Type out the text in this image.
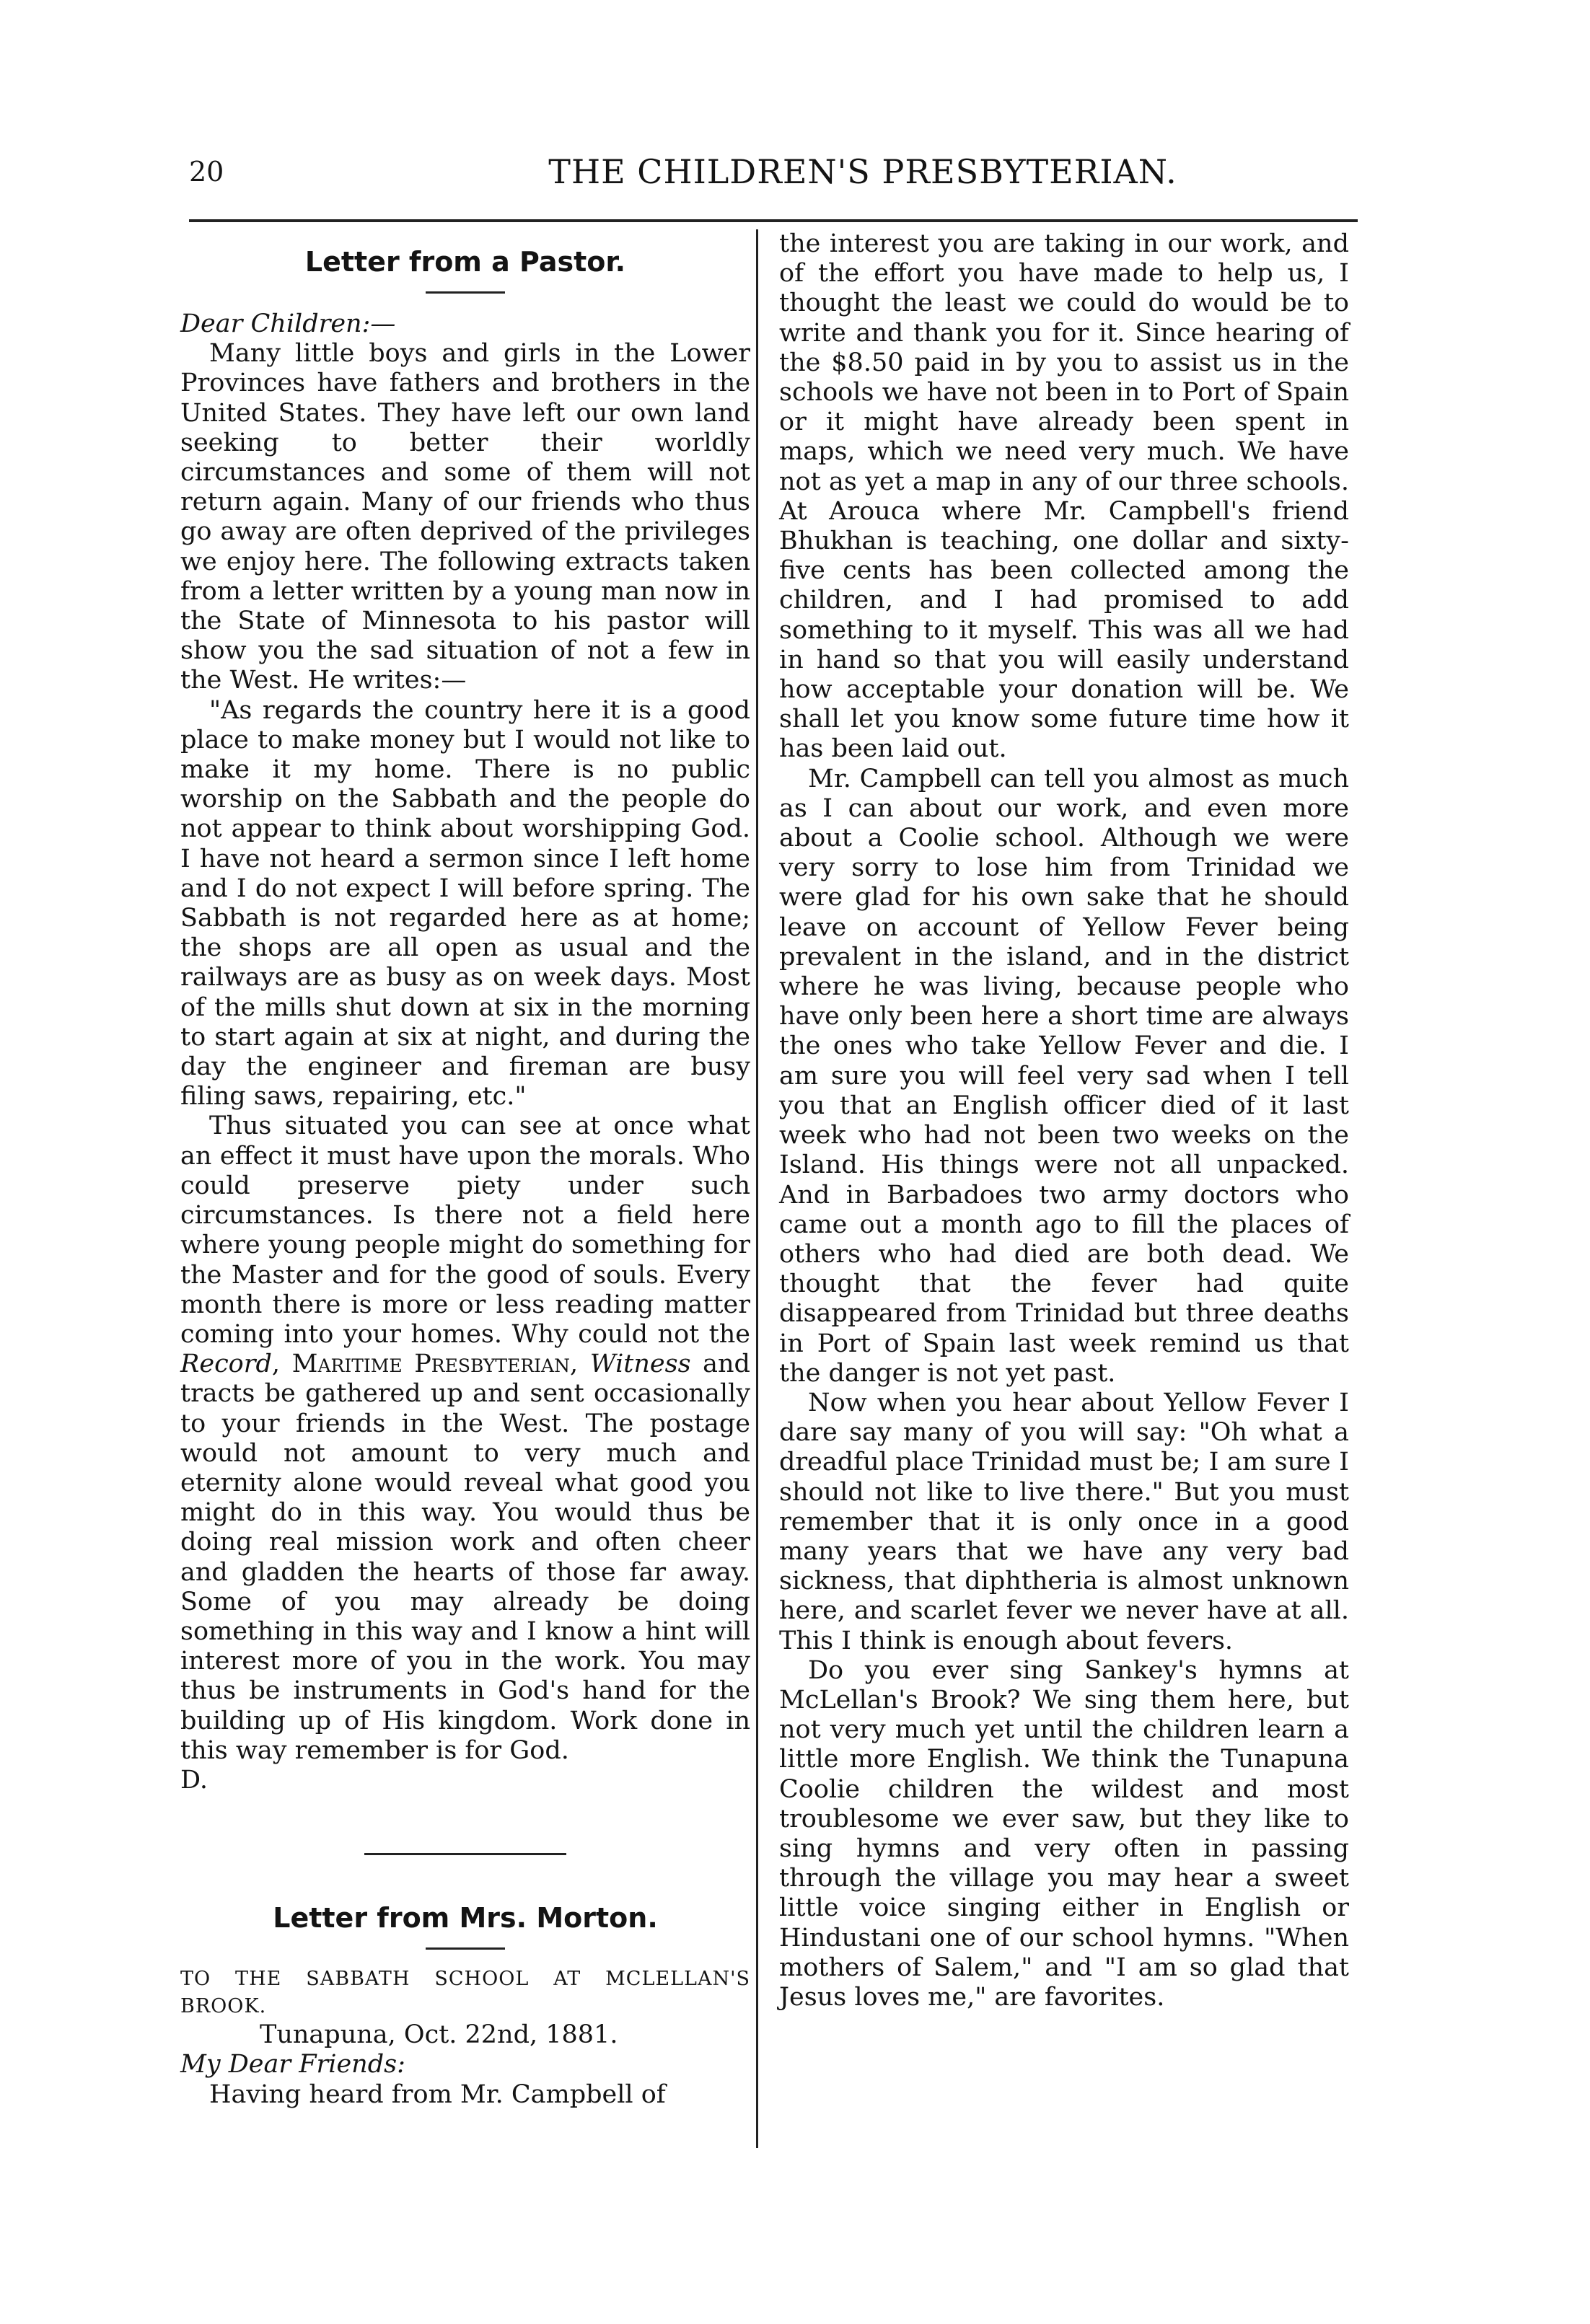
20	THE CHILDREN'S PRESBYTERIAN.
Letter from a Pastor.

Dear Children:—

Many little boys and girls in the Lower Provinces have fathers and brothers in the United States. They have left our own land seeking to better their worldly circumstances and some of them will not return again. Many of our friends who thus go away are often deprived of the privileges we enjoy here. The following extracts taken from a letter written by a young man now in the State of Minnesota to his pastor will show you the sad situation of not a few in the West. He writes:—

"As regards the country here it is a good place to make money but I would not like to make it my home. There is no public worship on the Sabbath and the people do not appear to think about worshipping God. I have not heard a sermon since I left home and I do not expect I will before spring. The Sabbath is not regarded here as at home; the shops are all open as usual and the railways are as busy as on week days. Most of the mills shut down at six in the morning to start again at six at night, and during the day the engineer and fireman are busy filing saws, repairing, etc."

Thus situated you can see at once what an effect it must have upon the morals. Who could preserve piety under such circumstances. Is there not a field here where young people might do something for the Master and for the good of souls. Every month there is more or less reading matter coming into your homes. Why could not the Record, Maritime Presbyterian, Witness and tracts be gathered up and sent occasionally to your friends in the West. The postage would not amount to very much and eternity alone would reveal what good you might do in this way. You would thus be doing real mission work and often cheer and gladden the hearts of those far away. Some of you may already be doing something in this way and I know a hint will interest more of you in the work. You may thus be instruments in God's hand for the building up of His kingdom. Work done in this way remember is for God.

D.

Letter from Mrs. Morton.

TO THE SABBATH SCHOOL AT MCLELLAN'S BROOK.

Tunapuna, Oct. 22nd, 1881.

My Dear Friends:

Having heard from Mr. Campbell of

the interest you are taking in our work, and of the effort you have made to help us, I thought the least we could do would be to write and thank you for it. Since hearing of the $8.50 paid in by you to assist us in the schools we have not been in to Port of Spain or it might have already been spent in maps, which we need very much. We have not as yet a map in any of our three schools. At Arouca where Mr. Campbell's friend Bhukhan is teaching, one dollar and sixty-five cents has been collected among the children, and I had promised to add something to it myself. This was all we had in hand so that you will easily understand how acceptable your donation will be. We shall let you know some future time how it has been laid out.

Mr. Campbell can tell you almost as much as I can about our work, and even more about a Coolie school. Although we were very sorry to lose him from Trinidad we were glad for his own sake that he should leave on account of Yellow Fever being prevalent in the island, and in the district where he was living, because people who have only been here a short time are always the ones who take Yellow Fever and die. I am sure you will feel very sad when I tell you that an English officer died of it last week who had not been two weeks on the Island. His things were not all unpacked. And in Barbadoes two army doctors who came out a month ago to fill the places of others who had died are both dead. We thought that the fever had quite disappeared from Trinidad but three deaths in Port of Spain last week remind us that the danger is not yet past.

Now when you hear about Yellow Fever I dare say many of you will say: "Oh what a dreadful place Trinidad must be; I am sure I should not like to live there." But you must remember that it is only once in a good many years that we have any very bad sickness, that diphtheria is almost unknown here, and scarlet fever we never have at all. This I think is enough about fevers.

Do you ever sing Sankey's hymns at McLellan's Brook? We sing them here, but not very much yet until the children learn a little more English. We think the Tunapuna Coolie children the wildest and most troublesome we ever saw, but they like to sing hymns and very often in passing through the village you may hear a sweet little voice singing either in English or Hindustani one of our school hymns. "When mothers of Salem," and "I am so glad that Jesus loves me," are favorites.
